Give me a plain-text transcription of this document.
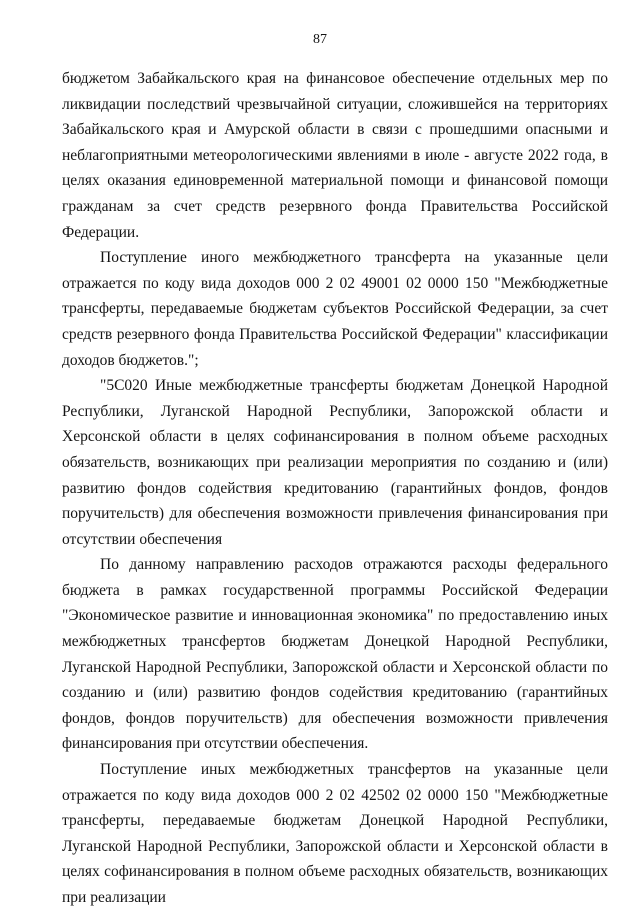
87

бюджетом Забайкальского края на финансовое обеспечение отдельных мер по ликвидации последствий чрезвычайной ситуации, сложившейся на территориях Забайкальского края и Амурской области в связи с прошедшими опасными и неблагоприятными метеорологическими явлениями в июле - августе 2022 года, в целях оказания единовременной материальной помощи и финансовой помощи гражданам за счет средств резервного фонда Правительства Российской Федерации.

Поступление иного межбюджетного трансферта на указанные цели отражается по коду вида доходов 000 2 02 49001 02 0000 150 "Межбюджетные трансферты, передаваемые бюджетам субъектов Российской Федерации, за счет средств резервного фонда Правительства Российской Федерации" классификации доходов бюджетов.";

"5С020 Иные межбюджетные трансферты бюджетам Донецкой Народной Республики, Луганской Народной Республики, Запорожской области и Херсонской области в целях софинансирования в полном объеме расходных обязательств, возникающих при реализации мероприятия по созданию и (или) развитию фондов содействия кредитованию (гарантийных фондов, фондов поручительств) для обеспечения возможности привлечения финансирования при отсутствии обеспечения

По данному направлению расходов отражаются расходы федерального бюджета в рамках государственной программы Российской Федерации "Экономическое развитие и инновационная экономика" по предоставлению иных межбюджетных трансфертов бюджетам Донецкой Народной Республики, Луганской Народной Республики, Запорожской области и Херсонской области по созданию и (или) развитию фондов содействия кредитованию (гарантийных фондов, фондов поручительств) для обеспечения возможности привлечения финансирования при отсутствии обеспечения.

Поступление иных межбюджетных трансфертов на указанные цели отражается по коду вида доходов 000 2 02 42502 02 0000 150 "Межбюджетные трансферты, передаваемые бюджетам Донецкой Народной Республики, Луганской Народной Республики, Запорожской области и Херсонской области в целях софинансирования в полном объеме расходных обязательств, возникающих при реализации
